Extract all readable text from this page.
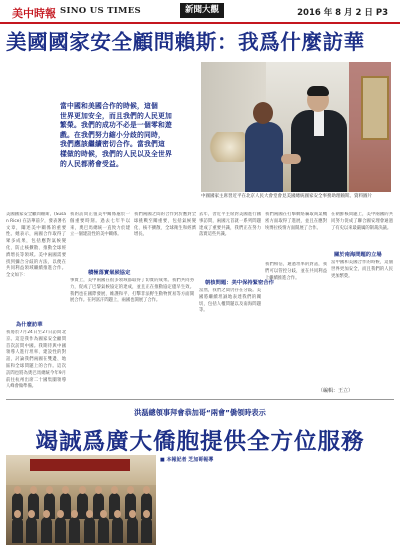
美中時報 SINO US TIMES	新聞大觀	2016 年 8 月 2 日 P3
美國國家安全顧問賴斯：我爲什麼訪華
當中國和美國合作的時候，這個
世界更加安全，而且我們的人民更加
繁榮。我們的成功不必是一個零和遊
戲。在我們努力縮小分歧的同時，
我們應該繼續密切合作。當我們這
樣做的時候，我們的人民以及全世界
的人民都將會受益。
中國國家主席習近平在北京人民大會堂會見美國總統國家安全事務助理賴斯。資料圖片
美國國家安全顧問賴斯，(Susan Rice) 在訪華前夕，發表署名文章，闡述美中關係的重要性。她表示，兩國合作取得了眾多成果，包括應對氣候變化、防止核擴散、推動全球經濟增長等領域。美中兩國需要找到彌合分歧的方法，以便在共同利益領域繼續推進合作。全文如下：
為什麼訪華
我將於7月24日至27日訪問北京。這是我作為國家安全顧問首次訪問中國。我期待與中國領導人進行坦率、建設性的對話，討論我們兩國在雙邊、地區和全球問題上的合作。這次訪問也將為奧巴馬總統今年9月前往杭州出席二十國集團領導人峰會做準備。
我的訪問正值美中關係處於一個重要時刻。過去七年半以來，奧巴馬總統一直致力於建立一個建設性的美中關係。
積極落實氣候協定
事實上，美中兩國在很多領域都取得了切實的成果。我們共同努力，促成了巴黎氣候協定的達成，並且正在推動協定儘早生效。 我們也在國際發展、維護和平、打擊非法野生動物貿易等方面開展合作。在阿富汗問題上，兩國也開展了合作。
我們兩國之間的合作對於應對全球挑戰至關重要，包括氣候變化、核不擴散、全球衛生和經濟增長。
去年，習近平主席對美國進行國事訪問，兩國元首就一系列問題達成了重要共識，我們正在努力落實這些共識。
朝核問題：美中保持緊密合作
當然，我們之間仍存在分歧。美國將繼續坦誠地表達我們的關切，包括人權問題以及南海問題等。
我們兩國在打擊網絡竊取商業機密方面取得了進展，並且在應對埃博拉疫情方面開展了合作。
我們相信，通過坦率的對話，我們可以管控分歧，並在共同利益上繼續推進合作。
在朝鮮核問題上，美中兩國的共同努力促成了聯合國安理會通過了有史以來最嚴厲的制裁決議。
關於南海問題的立場
當中國和美國合作的時候，這個世界更加安全，而且我們的人民更加繁榮。
（編輯：王立）
洪磊總領事拜會恭加哥“兩會”僑領時表示
竭誠爲廣大僑胞提供全方位服務
■ 本報記者 芝加哥報導
